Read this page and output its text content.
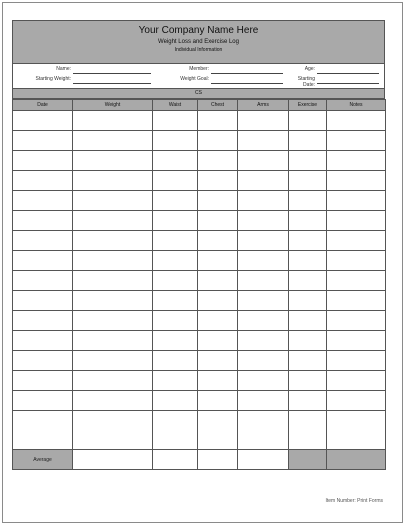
Your Company Name Here
Weight Loss and Exercise Log
Individual Information
Name:	Member:	Age:
Starting Weight:	Weight Goal:	Starting Date:
CS
Date	Weight	Waist	Chest	Arms	Exercise	Notes

Average						
Item Number: Print Forms
